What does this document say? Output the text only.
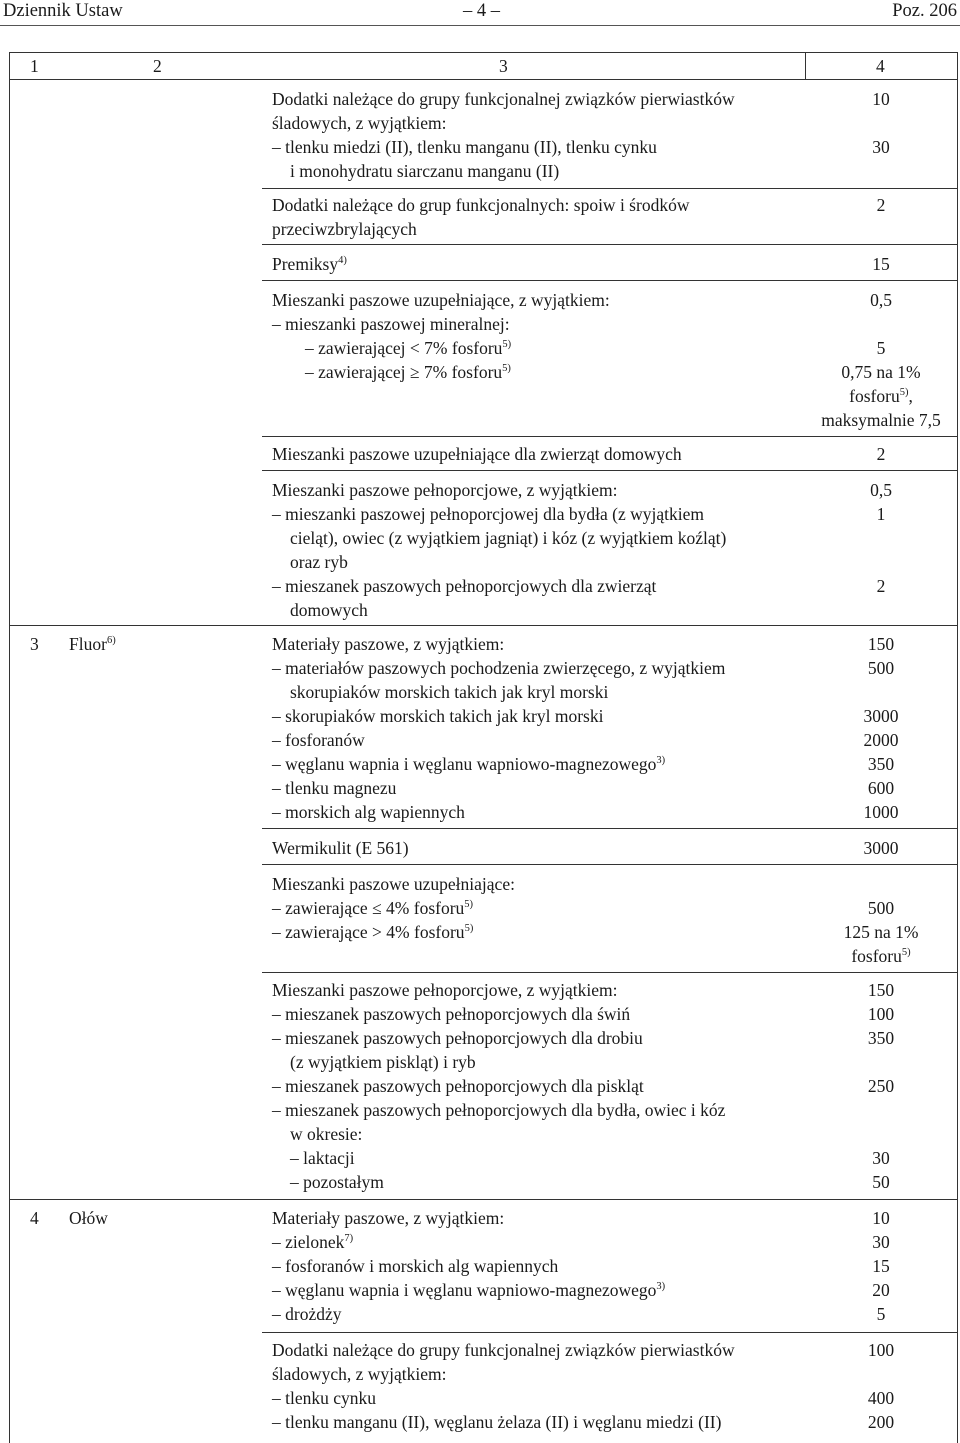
Dziennik Ustaw	– 4 –	Poz. 206
1	2	3	4
Dodatki należące do grupy funkcjonalnej związków pierwiastków	10
śladowych, z wyjątkiem:
– tlenku miedzi (II), tlenku manganu (II), tlenku cynku	30
i monohydratu siarczanu manganu (II)
Dodatki należące do grup funkcjonalnych: spoiw i środków	2
przeciwzbrylających
Premiksy$^{4)}$	15
Mieszanki paszowe uzupełniające, z wyjątkiem:	0,5
– mieszanki paszowej mineralnej:
– zawierającej < 7% fosforu$^{5)}$	5
– zawierającej ≥ 7% fosforu$^{5)}$	0,75 na 1%
fosforu$^{5)}$,
maksymalnie 7,5
Mieszanki paszowe uzupełniające dla zwierząt domowych	2
Mieszanki paszowe pełnoporcjowe, z wyjątkiem:	0,5
– mieszanki paszowej pełnoporcjowej dla bydła (z wyjątkiem	1
cieląt), owiec (z wyjątkiem jagniąt) i kóz (z wyjątkiem koźląt)
oraz ryb
– mieszanek paszowych pełnoporcjowych dla zwierząt	2
domowych
3 Fluor$^{6)}$	Materiały paszowe, z wyjątkiem:	150
– materiałów paszowych pochodzenia zwierzęcego, z wyjątkiem	500
skorupiaków morskich takich jak kryl morski
– skorupiaków morskich takich jak kryl morski	3000
– fosforanów	2000
– węglanu wapnia i węglanu wapniowo-magnezowego$^{3)}$	350
– tlenku magnezu	600
– morskich alg wapiennych	1000
Wermikulit (E 561)	3000
Mieszanki paszowe uzupełniające:
– zawierające ≤ 4% fosforu$^{5)}$	500
– zawierające > 4% fosforu$^{5)}$	125 na 1%
fosforu$^{5)}$
Mieszanki paszowe pełnoporcjowe, z wyjątkiem:	150
– mieszanek paszowych pełnoporcjowych dla świń	100
– mieszanek paszowych pełnoporcjowych dla drobiu	350
(z wyjątkiem piskląt) i ryb
– mieszanek paszowych pełnoporcjowych dla piskląt	250
– mieszanek paszowych pełnoporcjowych dla bydła, owiec i kóz
w okresie:
– laktacji	30
– pozostałym	50
4 Ołów	Materiały paszowe, z wyjątkiem:	10
– zielonek$^{7)}$	30
– fosforanów i morskich alg wapiennych	15
– węglanu wapnia i węglanu wapniowo-magnezowego$^{3)}$	20
– drożdży	5
Dodatki należące do grupy funkcjonalnej związków pierwiastków	100
śladowych, z wyjątkiem:
– tlenku cynku	400
– tlenku manganu (II), węglanu żelaza (II) i węglanu miedzi (II)	200
